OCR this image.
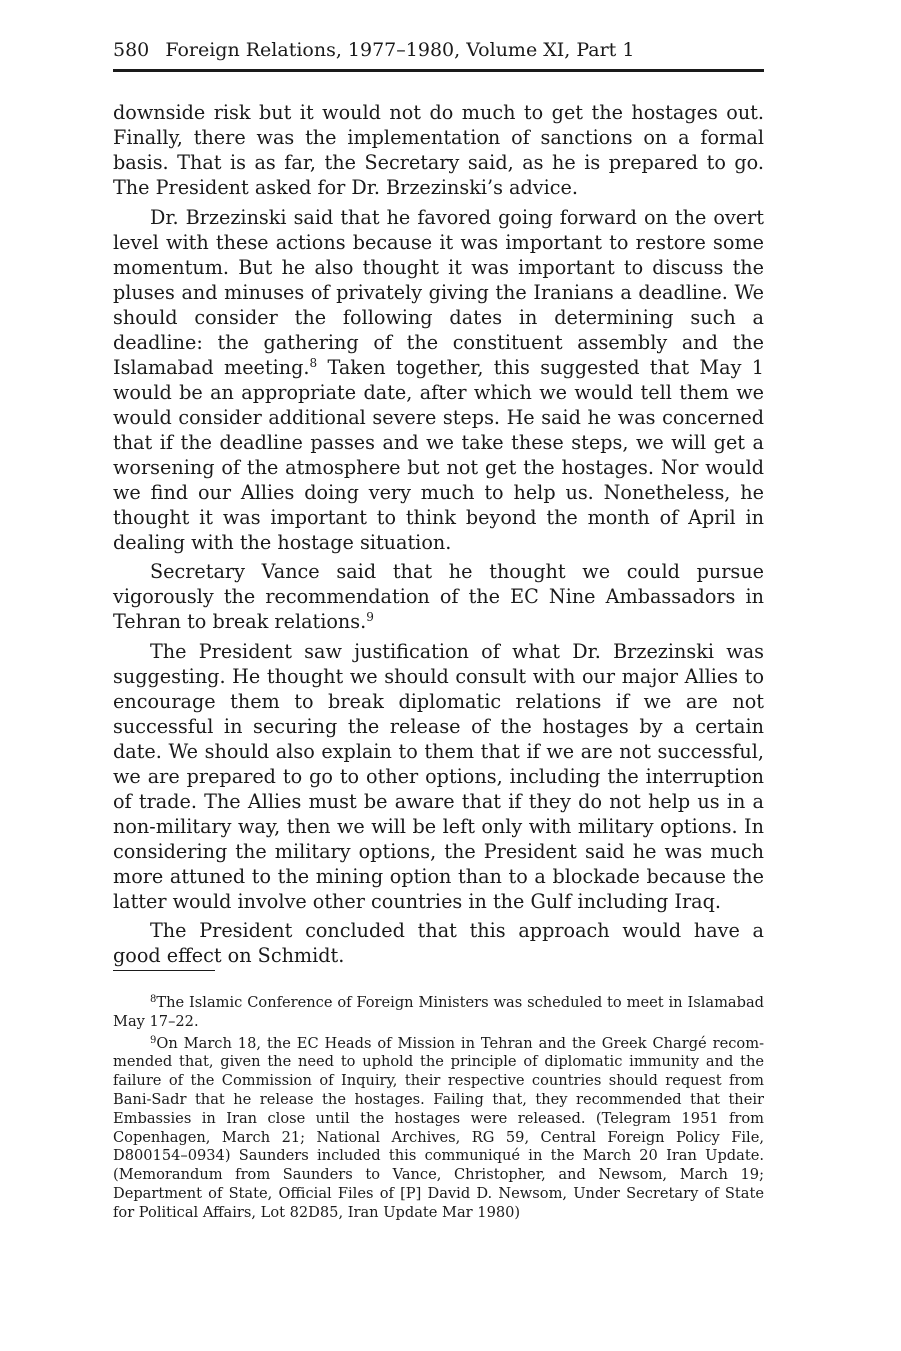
580 Foreign Relations, 1977–1980, Volume XI, Part 1

downside risk but it would not do much to get the hostages out. Finally, there was the implementation of sanctions on a formal basis. That is as far, the Secretary said, as he is prepared to go. The President asked for Dr. Brzezinski’s advice.

Dr. Brzezinski said that he favored going forward on the overt level with these actions because it was important to restore some momentum. But he also thought it was important to discuss the pluses and minuses of privately giving the Iranians a deadline. We should consider the following dates in determining such a deadline: the gathering of the constituent assembly and the Islamabad meeting.$^8$ Taken together, this suggested that May 1 would be an appropriate date, after which we would tell them we would consider additional severe steps. He said he was concerned that if the deadline passes and we take these steps, we will get a worsening of the atmosphere but not get the hostages. Nor would we find our Allies doing very much to help us. Nonetheless, he thought it was important to think beyond the month of April in dealing with the hostage situation.

Secretary Vance said that he thought we could pursue vigorously the recommendation of the EC Nine Ambassadors in Tehran to break relations.$^9$

The President saw justification of what Dr. Brzezinski was suggesting. He thought we should consult with our major Allies to encourage them to break diplomatic relations if we are not successful in securing the release of the hostages by a certain date. We should also explain to them that if we are not successful, we are prepared to go to other options, including the interruption of trade. The Allies must be aware that if they do not help us in a non-military way, then we will be left only with military options. In considering the military options, the President said he was much more attuned to the mining option than to a blockade because the latter would involve other countries in the Gulf including Iraq.

The President concluded that this approach would have a good effect on Schmidt.

$^8$The Islamic Conference of Foreign Ministers was scheduled to meet in Islamabad May 17–22.

$^9$On March 18, the EC Heads of Mission in Tehran and the Greek Chargé recommended that, given the need to uphold the principle of diplomatic immunity and the failure of the Commission of Inquiry, their respective countries should request from Bani-Sadr that he release the hostages. Failing that, they recommended that their Embassies in Iran close until the hostages were released. (Telegram 1951 from Copenhagen, March 21; National Archives, RG 59, Central Foreign Policy File, D800154–0934) Saunders included this communiqué in the March 20 Iran Update. (Memorandum from Saunders to Vance, Christopher, and Newsom, March 19; Department of State, Official Files of [P] David D. Newsom, Under Secretary of State for Political Affairs, Lot 82D85, Iran Update Mar 1980)
